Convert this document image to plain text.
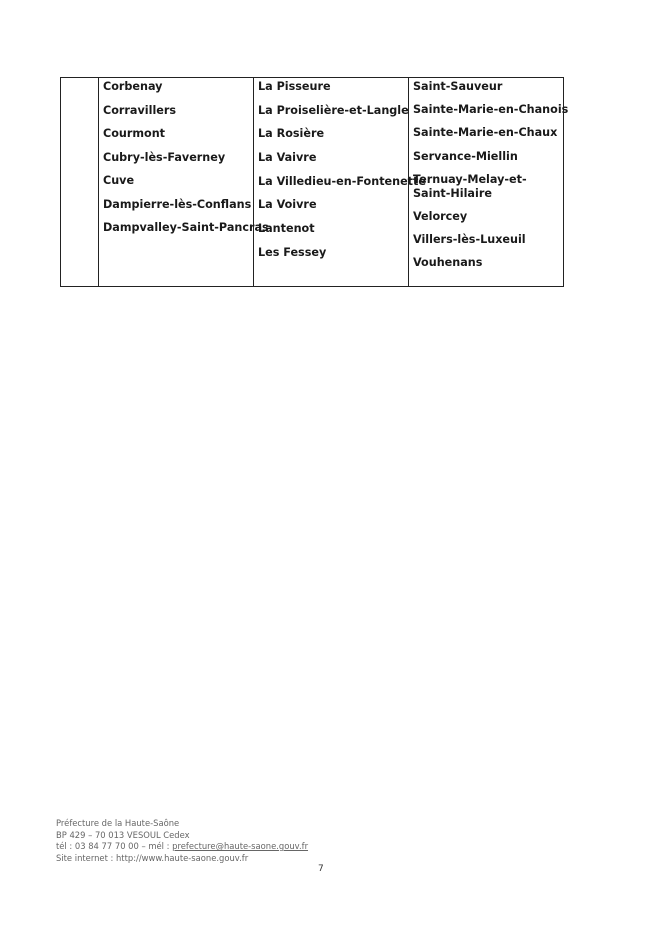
Corbenay
Corravillers
Courmont
Cubry-lès-Faverney
Cuve
Dampierre-lès-Conflans
Dampvalley-Saint-Pancras

La Pisseure
La Proiselière-et-Langle
La Rosière
La Vaivre
La Villedieu-en-Fontenette
La Voivre
Lantenot
Les Fessey

Saint-Sauveur
Sainte-Marie-en-Chanois
Sainte-Marie-en-Chaux
Servance-Miellin
Ternuay-Melay-et-Saint-Hilaire
Velorcey
Villers-lès-Luxeuil
Vouhenans
Préfecture de la Haute-Saône
BP 429 – 70 013 VESOUL Cedex
tél : 03 84 77 70 00 – mél : prefecture@haute-saone.gouv.fr
Site internet : http://www.haute-saone.gouv.fr
7
